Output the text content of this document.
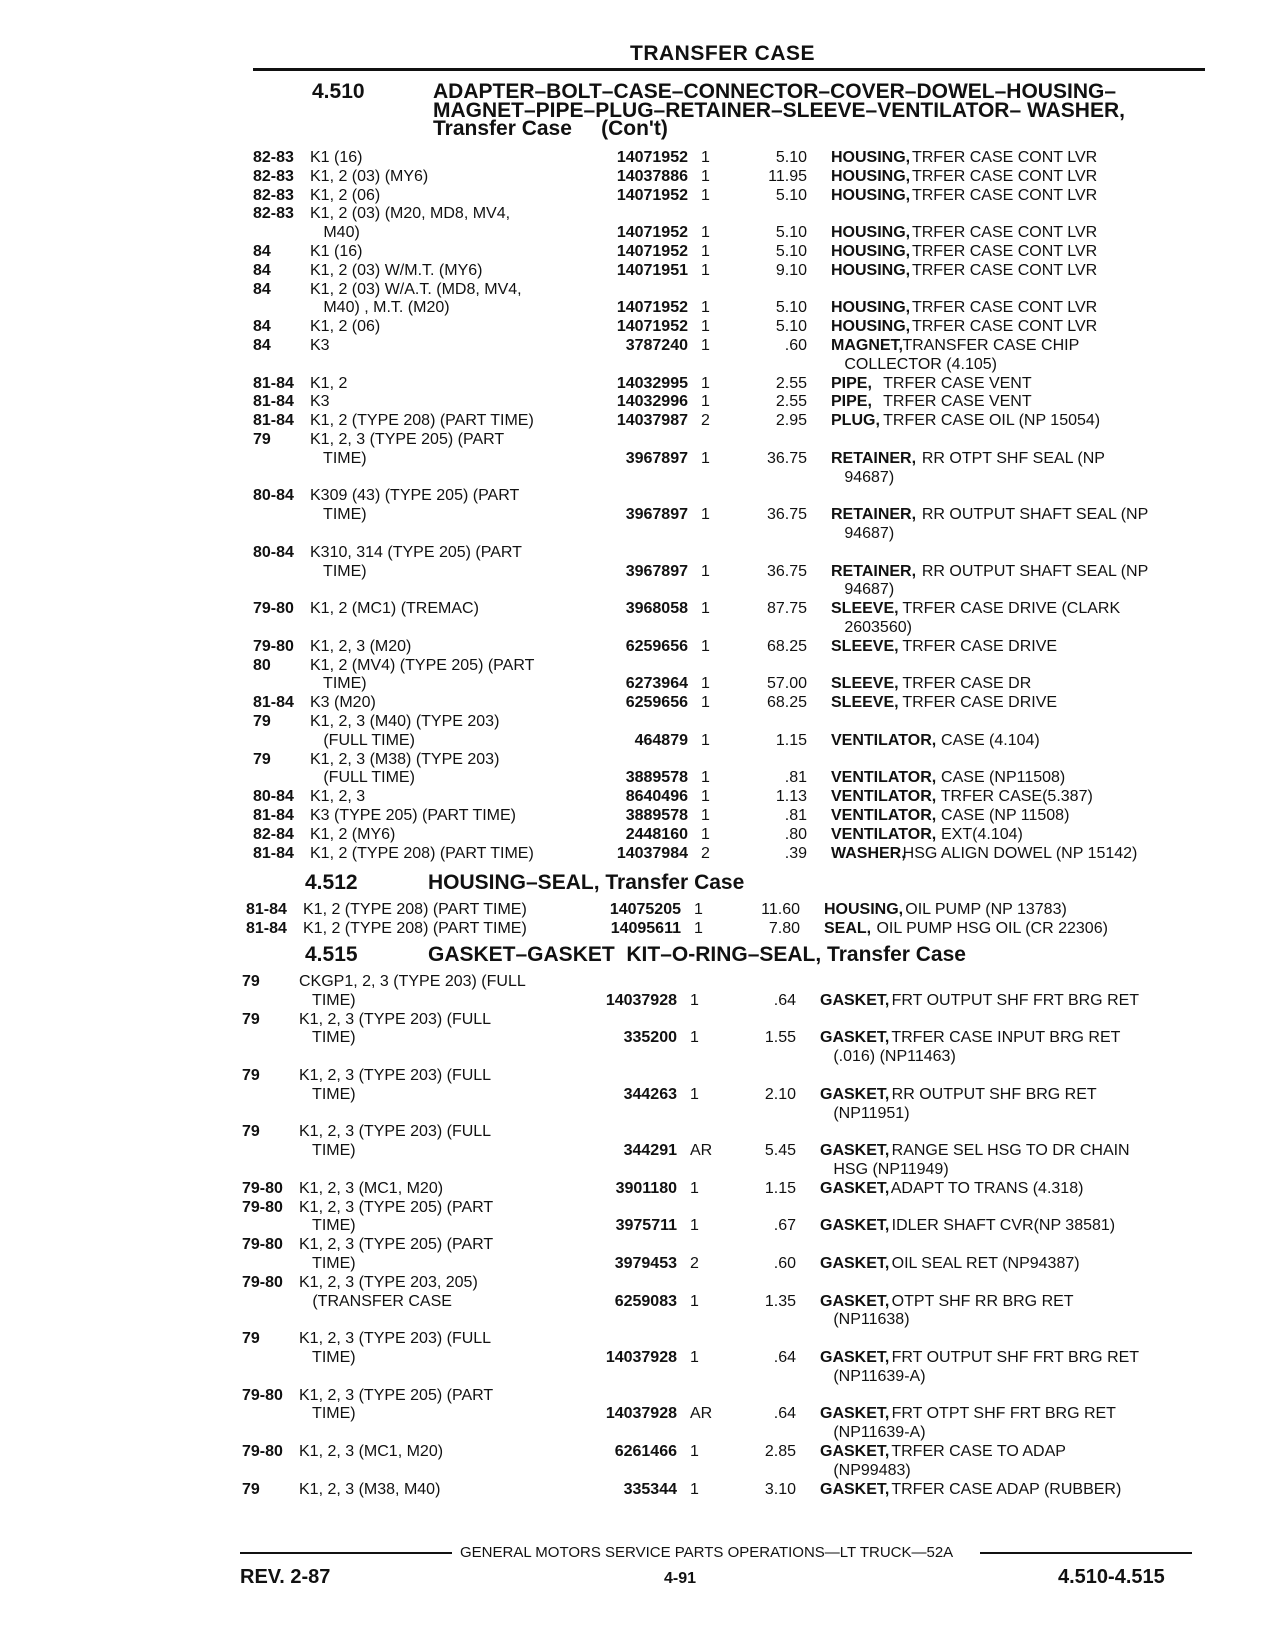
TRANSFER CASE
4.510	ADAPTER–BOLT–CASE–CONNECTOR–COVER–DOWEL–HOUSING–
MAGNET–PIPE–PLUG–RETAINER–SLEEVE–VENTILATOR– WASHER,
Transfer Case     (Con't)
82-83 K1 (16)	14071952 1	5.10 HOUSING,
TRFER CASE CONT LVR
82-83 K1, 2 (03) (MY6)	14037886 1	11.95 HOUSING,
TRFER CASE CONT LVR
82-83 K1, 2 (06)	14071952 1	5.10 HOUSING,
TRFER CASE CONT LVR
82-83 K1, 2 (03) (M20, MD8, MV4,
M40)	14071952 1	5.10 HOUSING,
TRFER CASE CONT LVR
84 K1 (16)	14071952 1	5.10 HOUSING,
TRFER CASE CONT LVR
84 K1, 2 (03) W/M.T. (MY6)	14071951 1	9.10 HOUSING,
TRFER CASE CONT LVR
84 K1, 2 (03) W/A.T. (MD8, MV4,
M40) , M.T. (M20)	14071952 1	5.10 HOUSING,
TRFER CASE CONT LVR
84 K1, 2 (06)	14071952 1	5.10 HOUSING,
TRFER CASE CONT LVR
84 K3	3787240 1	.60 MAGNET,
TRANSFER CASE CHIP
COLLECTOR (4.105)
81-84 K1, 2	14032995 1	2.55 PIPE, TRFER CASE VENT
81-84 K3	14032996 1	2.55 PIPE, TRFER CASE VENT
81-84 K1, 2 (TYPE 208) (PART TIME)	14037987 2	2.95 PLUG, TRFER CASE OIL (NP 15054)
79 K1, 2, 3 (TYPE 205) (PART
TIME)	3967897 1	36.75 RETAINER, RR OTPT SHF SEAL (NP
94687)
80-84 K309 (43) (TYPE 205) (PART
TIME)	3967897 1	36.75 RETAINER, RR OUTPUT SHAFT SEAL (NP
94687)
80-84 K310, 314 (TYPE 205) (PART
TIME)	3967897 1	36.75 RETAINER, RR OUTPUT SHAFT SEAL (NP
94687)
79-80 K1, 2 (MC1) (TREMAC)	3968058 1	87.75 SLEEVE, TRFER CASE DRIVE (CLARK
2603560)
79-80 K1, 2, 3 (M20)	6259656 1	68.25 SLEEVE, TRFER CASE DRIVE
80 K1, 2 (MV4) (TYPE 205) (PART
TIME)	6273964 1	57.00 SLEEVE, TRFER CASE DR
81-84 K3 (M20)	6259656 1	68.25 SLEEVE, TRFER CASE DRIVE
79 K1, 2, 3 (M40) (TYPE 203)
(FULL TIME)	464879 1	1.15 VENTILATOR, CASE (4.104)
79 K1, 2, 3 (M38) (TYPE 203)
(FULL TIME)	3889578 1	.81 VENTILATOR, CASE (NP11508)
80-84 K1, 2, 3	8640496 1	1.13 VENTILATOR, TRFER CASE(5.387)
81-84 K3 (TYPE 205) (PART TIME)	3889578 1	.81 VENTILATOR, CASE (NP 11508)
82-84 K1, 2 (MY6)	2448160 1	.80 VENTILATOR, EXT(4.104)
81-84 K1, 2 (TYPE 208) (PART TIME)	14037984 2	.39 WASHER,
HSG ALIGN DOWEL (NP 15142)
4.512	HOUSING–SEAL, Transfer Case
81-84 K1, 2 (TYPE 208) (PART TIME)	14075205 1	11.60 HOUSING,
OIL PUMP (NP 13783)
81-84 K1, 2 (TYPE 208) (PART TIME)	14095611 1	7.80 SEAL, OIL PUMP HSG OIL (CR 22306)
4.515	GASKET–GASKET  KIT–O-RING–SEAL, Transfer Case
79 CKGP1, 2, 3 (TYPE 203) (FULL
TIME)	14037928 1	.64 GASKET,
FRT OUTPUT SHF FRT BRG RET
79 K1, 2, 3 (TYPE 203) (FULL
TIME)	335200 1	1.55 GASKET,
TRFER CASE INPUT BRG RET
(.016) (NP11463)
79 K1, 2, 3 (TYPE 203) (FULL
TIME)	344263 1	2.10 GASKET,
RR OUTPUT SHF BRG RET
(NP11951)
79 K1, 2, 3 (TYPE 203) (FULL
TIME)	344291 AR	5.45 GASKET,
RANGE SEL HSG TO DR CHAIN
HSG (NP11949)
79-80 K1, 2, 3 (MC1, M20)	3901180 1	1.15 GASKET,
ADAPT TO TRANS (4.318)
79-80 K1, 2, 3 (TYPE 205) (PART
TIME)	3975711 1	.67 GASKET,
IDLER SHAFT CVR(NP 38581)
79-80 K1, 2, 3 (TYPE 205) (PART
TIME)	3979453 2	.60 GASKET,
OIL SEAL RET (NP94387)
79-80 K1, 2, 3 (TYPE 203, 205)
(TRANSFER CASE	6259083 1	1.35 GASKET,
OTPT SHF RR BRG RET
(NP11638)
79 K1, 2, 3 (TYPE 203) (FULL
TIME)	14037928 1	.64 GASKET,
FRT OUTPUT SHF FRT BRG RET
(NP11639-A)
79-80 K1, 2, 3 (TYPE 205) (PART
TIME)	14037928 AR	.64 GASKET,
FRT OTPT SHF FRT BRG RET
(NP11639-A)
79-80 K1, 2, 3 (MC1, M20)	6261466 1	2.85 GASKET,
TRFER CASE TO ADAP
(NP99483)
79 K1, 2, 3 (M38, M40)	335344 1	3.10 GASKET,
TRFER CASE ADAP (RUBBER)
GENERAL MOTORS SERVICE PARTS OPERATIONS—LT TRUCK—52A
REV. 2-87	4-91	4.510-4.515
